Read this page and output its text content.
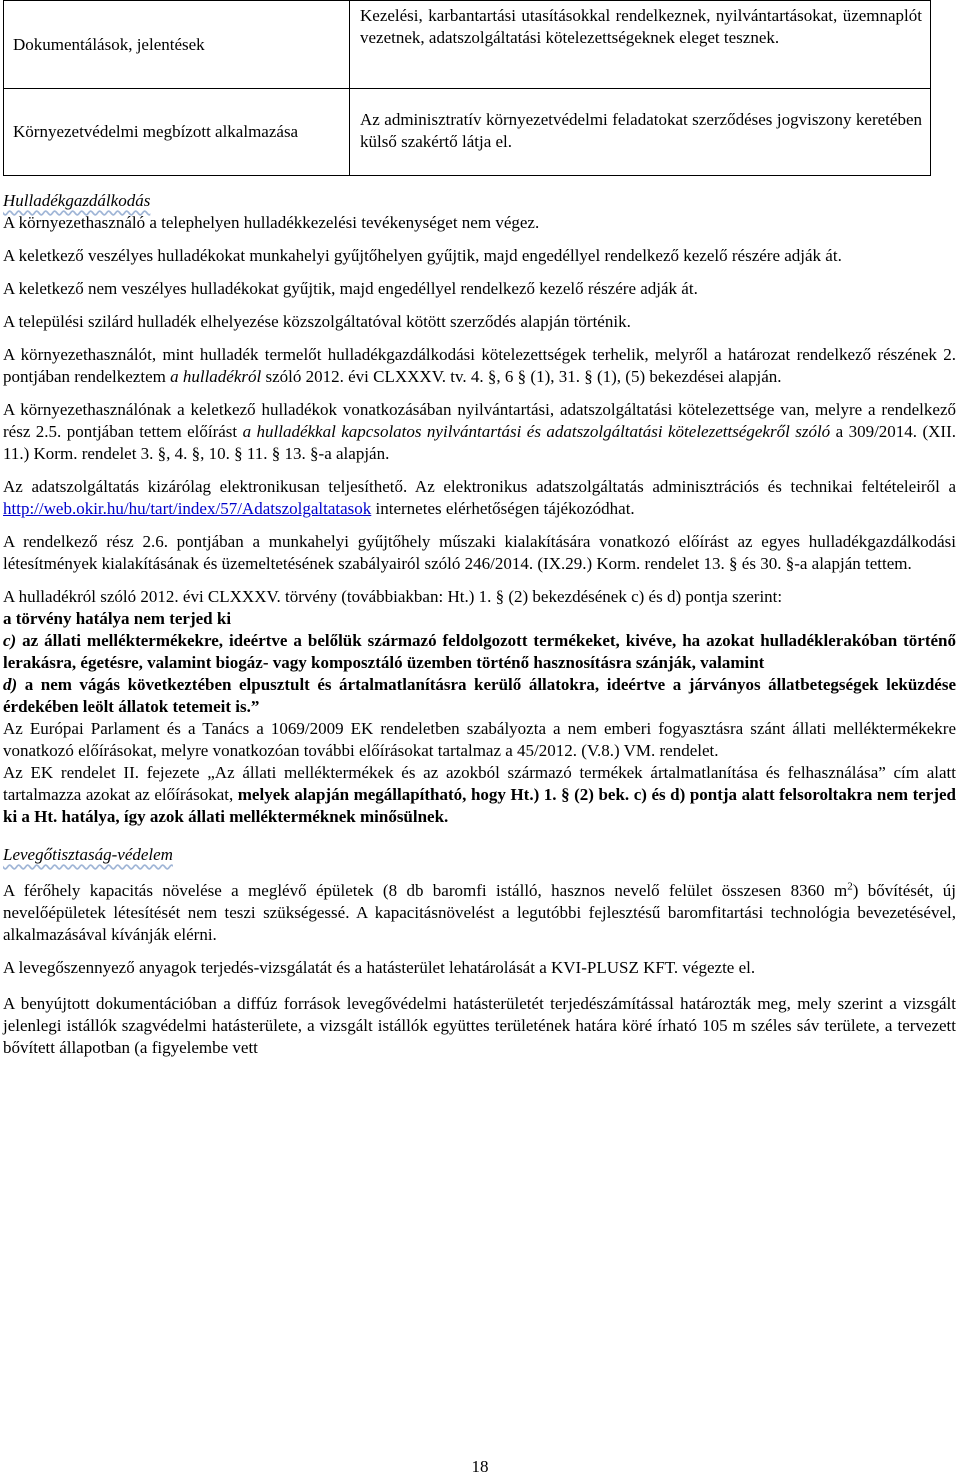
Dokumentálások, jelentések	Kezelési, karbantartási utasításokkal rendelkeznek, nyilvántartásokat, üzemnaplót vezetnek, adatszolgáltatási kötelezettségeknek eleget tesznek.
Környezetvédelmi megbízott alkalmazása	Az adminisztratív környezetvédelmi feladatokat szerződéses jogviszony keretében külső szakértő látja el.
Hulladékgazdálkodás

A környezethasználó a telephelyen hulladékkezelési tevékenységet nem végez.

A keletkező veszélyes hulladékokat munkahelyi gyűjtőhelyen gyűjtik, majd engedéllyel rendelkező kezelő részére adják át.

A keletkező nem veszélyes hulladékokat gyűjtik, majd engedéllyel rendelkező kezelő részére adják át.

A települési szilárd hulladék elhelyezése közszolgáltatóval kötött szerződés alapján történik.

A környezethasználót, mint hulladék termelőt hulladékgazdálkodási kötelezettségek terhelik, melyről a határozat rendelkező részének 2. pontjában rendelkeztem a hulladékról szóló 2012. évi CLXXXV. tv. 4. §, 6 § (1), 31. § (1), (5) bekezdései alapján.

A környezethasználónak a keletkező hulladékok vonatkozásában nyilvántartási, adatszolgáltatási kötelezettsége van, melyre a rendelkező rész 2.5. pontjában tettem előírást a hulladékkal kapcsolatos nyilvántartási és adatszolgáltatási kötelezettségekről szóló a 309/2014. (XII. 11.) Korm. rendelet 3. §, 4. §, 10. § 11. § 13. §-a alapján.

Az adatszolgáltatás kizárólag elektronikusan teljesíthető. Az elektronikus adatszolgáltatás adminisztrációs és technikai feltételeiről a http://web.okir.hu/hu/tart/index/57/Adatszolgaltatasok internetes elérhetőségen tájékozódhat.

A rendelkező rész 2.6. pontjában a munkahelyi gyűjtőhely műszaki kialakítására vonatkozó előírást az egyes hulladékgazdálkodási létesítmények kialakításának és üzemeltetésének szabályairól szóló 246/2014. (IX.29.) Korm. rendelet 13. § és 30. §-a alapján tettem.

A hulladékról szóló 2012. évi CLXXXV. törvény (továbbiakban: Ht.) 1. § (2) bekezdésének c) és d) pontja szerint:

a törvény hatálya nem terjed ki

c) az állati melléktermékekre, ideértve a belőlük származó feldolgozott termékeket, kivéve, ha azokat hulladéklerakóban történő lerakásra, égetésre, valamint biogáz- vagy komposztáló üzemben történő hasznosításra szánják, valamint

d) a nem vágás következtében elpusztult és ártalmatlanításra kerülő állatokra, ideértve a járványos állatbetegségek leküzdése érdekében leölt állatok tetemeit is.”

Az Európai Parlament és a Tanács a 1069/2009 EK rendeletben szabályozta a nem emberi fogyasztásra szánt állati melléktermékekre vonatkozó előírásokat, melyre vonatkozóan további előírásokat tartalmaz a 45/2012. (V.8.) VM. rendelet.

Az EK rendelet II. fejezete „Az állati melléktermékek és az azokból származó termékek ártalmatlanítása és felhasználása” cím alatt tartalmazza azokat az előírásokat, melyek alapján megállapítható, hogy Ht.) 1. § (2) bek. c) és d) pontja alatt felsoroltakra nem terjed ki a Ht. hatálya, így azok állati mellékterméknek minősülnek.

Levegőtisztaság-védelem

A férőhely kapacitás növelése a meglévő épületek (8 db baromfi istálló, hasznos nevelő felület összesen 8360 $m^2$) bővítését, új nevelőépületek létesítését nem teszi szükségessé. A kapacitásnövelést a legutóbbi fejlesztésű baromfitartási technológia bevezetésével, alkalmazásával kívánják elérni.

A levegőszennyező anyagok terjedés-vizsgálatát és a hatásterület lehatárolását a KVI-PLUSZ KFT. végezte el.

A benyújtott dokumentációban a diffúz források levegővédelmi hatásterületét terjedészámítással határozták meg, mely szerint a vizsgált jelenlegi istállók szagvédelmi hatásterülete, a vizsgált istállók együttes területének határa köré írható 105 m széles sáv területe, a tervezett bővített állapotban (a figyelembe vett

18
